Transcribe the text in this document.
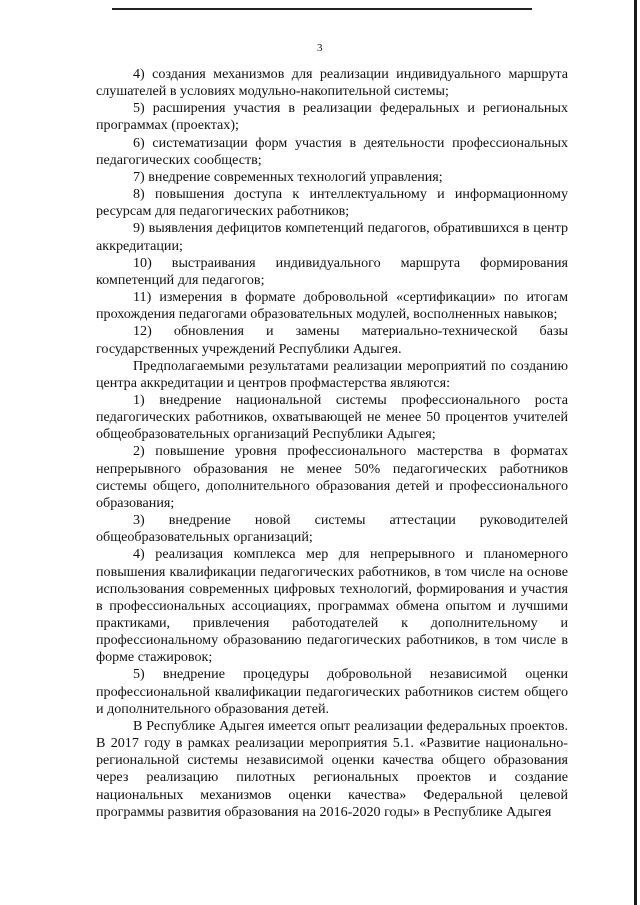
3

4) создания механизмов для реализации индивидуального маршрута слушателей в условиях модульно-накопительной системы;

5) расширения участия в реализации федеральных и региональных программах (проектах);

6) систематизации форм участия в деятельности профессиональных педагогических сообществ;

7) внедрение современных технологий управления;

8) повышения доступа к интеллектуальному и информационному ресурсам для педагогических работников;

9) выявления дефицитов компетенций педагогов, обратившихся в центр аккредитации;

10) выстраивания индивидуального маршрута формирования компетенций для педагогов;

11) измерения в формате добровольной «сертификации» по итогам прохождения педагогами образовательных модулей, восполненных навыков;

12) обновления и замены материально-технической базы государственных учреждений Республики Адыгея.

Предполагаемыми результатами реализации мероприятий по созданию центра аккредитации и центров профмастерства являются:

1) внедрение национальной системы профессионального роста педагогических работников, охватывающей не менее 50 процентов учителей общеобразовательных организаций Республики Адыгея;

2) повышение уровня профессионального мастерства в форматах непрерывного образования не менее 50% педагогических работников системы общего, дополнительного образования детей и профессионального образования;

3) внедрение новой системы аттестации руководителей общеобразовательных организаций;

4) реализация комплекса мер для непрерывного и планомерного повышения квалификации педагогических работников, в том числе на основе использования современных цифровых технологий, формирования и участия в профессиональных ассоциациях, программах обмена опытом и лучшими практиками, привлечения работодателей к дополнительному и профессиональному образованию педагогических работников, в том числе в форме стажировок;

5) внедрение процедуры добровольной независимой оценки профессиональной квалификации педагогических работников систем общего и дополнительного образования детей.

В Республике Адыгея имеется опыт реализации федеральных проектов. В 2017 году в рамках реализации мероприятия 5.1. «Развитие национально-региональной системы независимой оценки качества общего образования через реализацию пилотных региональных проектов и создание национальных механизмов оценки качества» Федеральной целевой программы развития образования на 2016-2020 годы» в Республике Адыгея
